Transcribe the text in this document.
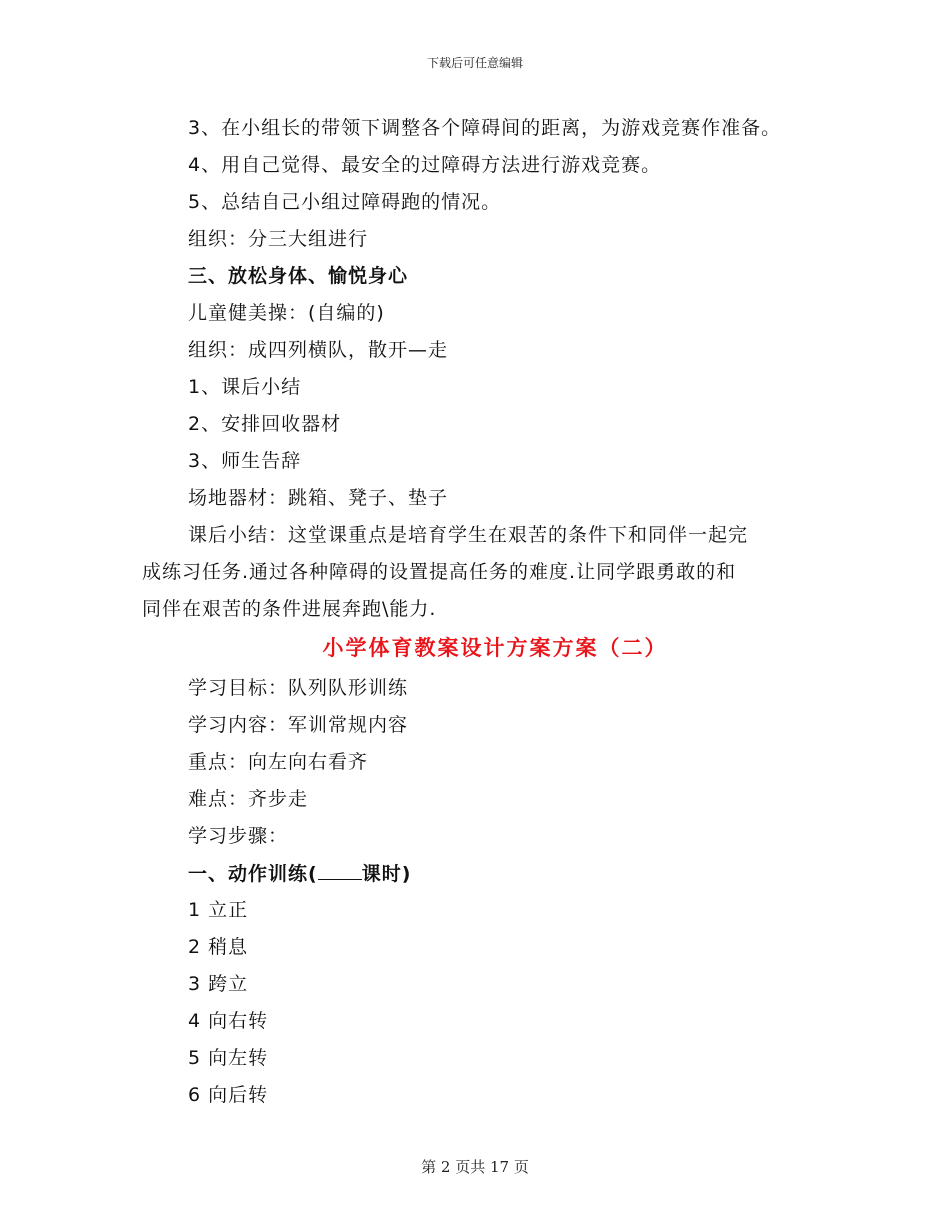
下载后可任意编辑
3、在小组长的带领下调整各个障碍间的距离，为游戏竞赛作准备。
4、用自己觉得、最安全的过障碍方法进行游戏竞赛。
5、总结自己小组过障碍跑的情况。
组织：分三大组进行
三、放松身体、愉悦身心
儿童健美操：(自编的)
组织：成四列横队，散开—走
1、课后小结
2、安排回收器材
3、师生告辞
场地器材：跳箱、凳子、垫子
课后小结：这堂课重点是培育学生在艰苦的条件下和同伴一起完
成练习任务.通过各种障碍的设置提高任务的难度.让同学跟勇敢的和
同伴在艰苦的条件进展奔跑\能力.
小学体育教案设计方案方案（二）
学习目标：队列队形训练
学习内容：军训常规内容
重点：向左向右看齐
难点：齐步走
学习步骤：
一、动作训练( 课时)
1 立正
2 稍息
3 跨立
4 向右转
5 向左转
6 向后转
第 2 页共 17 页
